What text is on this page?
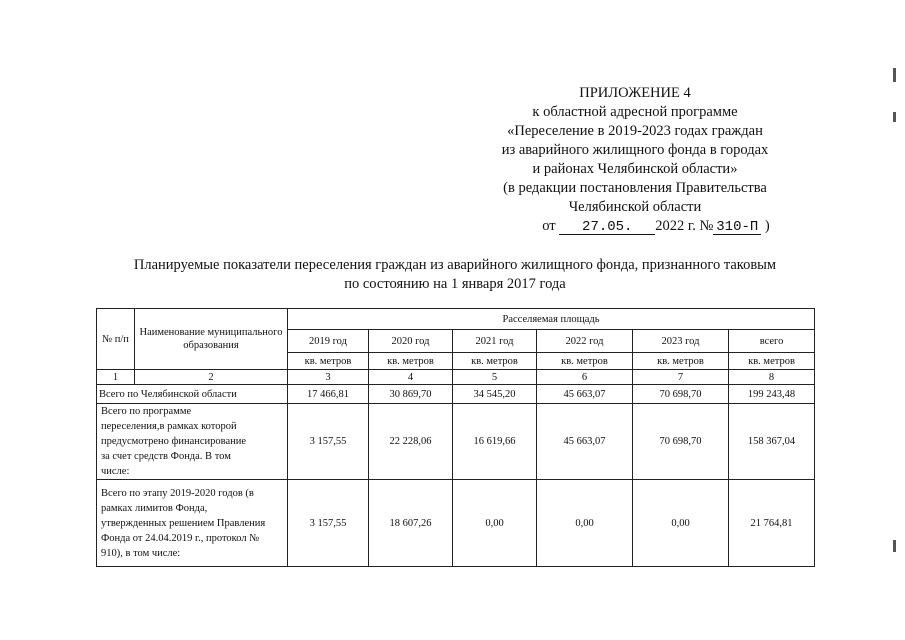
ПРИЛОЖЕНИЕ 4
к областной адресной программе
«Переселение в 2019-2023 годах граждан
из аварийного жилищного фонда в городах
и районах Челябинской области»
(в редакции постановления Правительства
Челябинской области
от 27.05. 2022 г. № 310-П )
Планируемые показатели переселения граждан из аварийного жилищного фонда, признанного таковым
по состоянию на 1 января 2017 года
№ п/п	Наименование муниципального образования	Расселяемая площадь					
		2019 год	2020 год	2021 год	2022 год	2023 год	всего
		кв. метров	кв. метров	кв. метров	кв. метров	кв. метров	кв. метров
1	2	3	4	5	6	7	8
Всего по Челябинской области		17 466,81	30 869,70	34 545,20	45 663,07	70 698,70	199 243,48
Всего по программе переселения,в рамках которой предусмотрено финансирование за счет средств Фонда. В том числе:		3 157,55	22 228,06	16 619,66	45 663,07	70 698,70	158 367,04
Всего по этапу 2019-2020 годов (в рамках лимитов Фонда, утвержденных решением Правления Фонда от 24.04.2019 г., протокол № 910), в том числе:		3 157,55	18 607,26	0,00	0,00	0,00	21 764,81
